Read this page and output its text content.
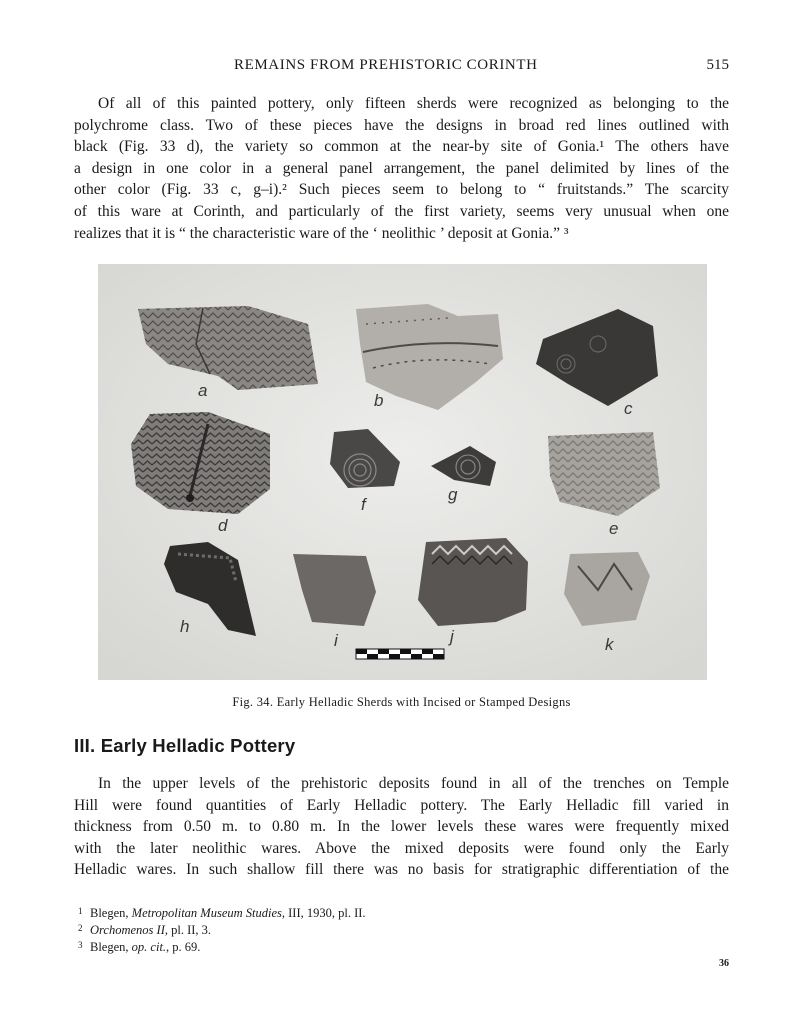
REMAINS FROM PREHISTORIC CORINTH	515
Of all of this painted pottery, only fifteen sherds were recognized as belonging to the
polychrome class. Two of these pieces have the designs in broad red lines outlined with
black (Fig. 33 d), the variety so common at the near-by site of Gonia.¹ The others have
a design in one color in a general panel arrangement, the panel delimited by lines of the
other color (Fig. 33 c, g–i).² Such pieces seem to belong to “ fruitstands.” The scarcity
of this ware at Corinth, and particularly of the first variety, seems very unusual when one
realizes that it is “ the characteristic ware of the ‘ neolithic ’ deposit at Gonia.” ³
a
b	c
d
f
g
e
h
i	j	k
Fig. 34. Early Helladic Sherds with Incised or Stamped Designs
III. Early Helladic Pottery
In the upper levels of the prehistoric deposits found in all of the trenches on Temple
Hill were found quantities of Early Helladic pottery. The Early Helladic fill varied in
thickness from 0.50 m. to 0.80 m. In the lower levels these wares were frequently mixed
with the later neolithic wares. Above the mixed deposits were found only the Early
Helladic wares. In such shallow fill there was no basis for stratigraphic differentiation of the
1 Blegen, Metropolitan Museum Studies, III, 1930, pl. II.
2 Orchomenos II, pl. II, 3.
3 Blegen, op. cit., p. 69.
36
